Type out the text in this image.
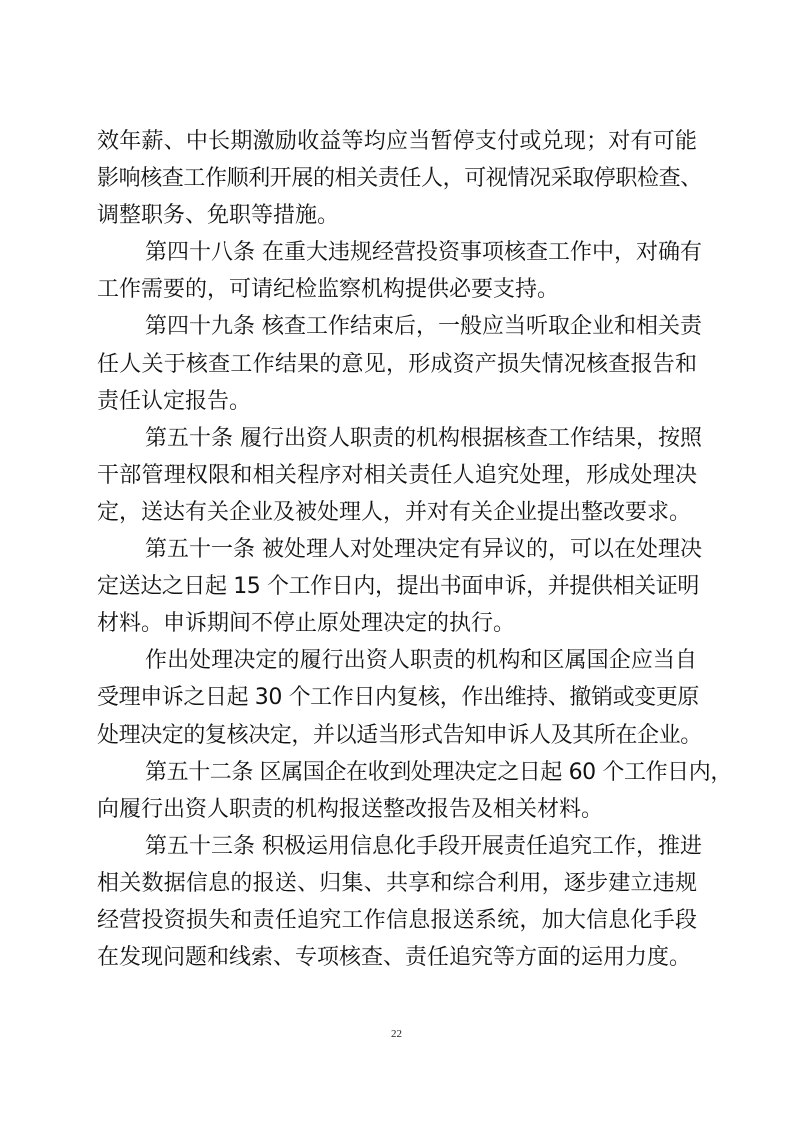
效年薪、中长期激励收益等均应当暂停支付或兑现；对有可能
影响核查工作顺利开展的相关责任人，可视情况采取停职检查、
调整职务、免职等措施。
第四十八条 在重大违规经营投资事项核查工作中，对确有
工作需要的，可请纪检监察机构提供必要支持。
第四十九条 核查工作结束后，一般应当听取企业和相关责
任人关于核查工作结果的意见，形成资产损失情况核查报告和
责任认定报告。
第五十条 履行出资人职责的机构根据核查工作结果，按照
干部管理权限和相关程序对相关责任人追究处理，形成处理决
定，送达有关企业及被处理人，并对有关企业提出整改要求。
第五十一条 被处理人对处理决定有异议的，可以在处理决
定送达之日起 15 个工作日内，提出书面申诉，并提供相关证明
材料。申诉期间不停止原处理决定的执行。
作出处理决定的履行出资人职责的机构和区属国企应当自
受理申诉之日起 30 个工作日内复核，作出维持、撤销或变更原
处理决定的复核决定，并以适当形式告知申诉人及其所在企业。
第五十二条 区属国企在收到处理决定之日起 60 个工作日内，
向履行出资人职责的机构报送整改报告及相关材料。
第五十三条 积极运用信息化手段开展责任追究工作，推进
相关数据信息的报送、归集、共享和综合利用，逐步建立违规
经营投资损失和责任追究工作信息报送系统，加大信息化手段
在发现问题和线索、专项核查、责任追究等方面的运用力度。
22
